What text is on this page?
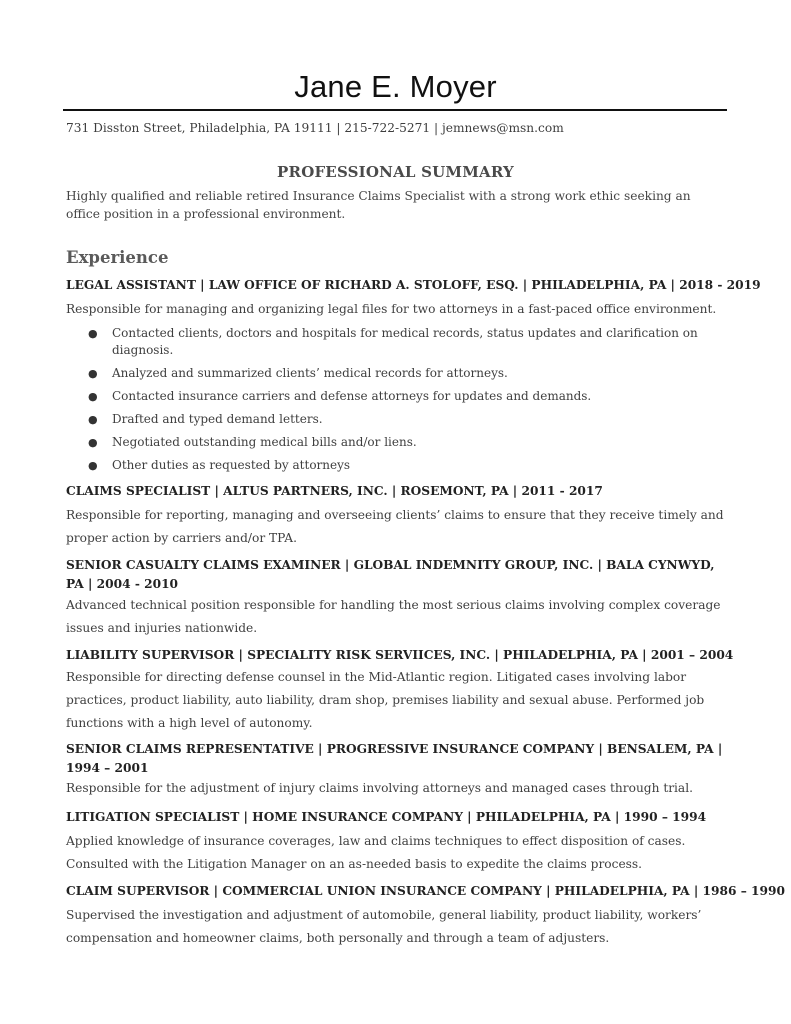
Jane E. Moyer
731 Disston Street, Philadelphia, PA 19111 | 215-722-5271 | jemnews@msn.com
PROFESSIONAL SUMMARY
Highly qualified and reliable retired Insurance Claims Specialist with a strong work ethic seeking an office position in a professional environment.
Experience
LEGAL ASSISTANT | LAW OFFICE OF RICHARD A. STOLOFF, ESQ. | PHILADELPHIA, PA | 2018 - 2019
Responsible for managing and organizing legal files for two attorneys in a fast-paced office environment.
● Contacted clients, doctors and hospitals for medical records, status updates and clarification on diagnosis.
● Analyzed and summarized clients’ medical records for attorneys.
● Contacted insurance carriers and defense attorneys for updates and demands.
● Drafted and typed demand letters.
● Negotiated outstanding medical bills and/or liens.
● Other duties as requested by attorneys
CLAIMS SPECIALIST | ALTUS PARTNERS, INC. | ROSEMONT, PA | 2011 - 2017
Responsible for reporting, managing and overseeing clients’ claims to ensure that they receive timely and proper action by carriers and/or TPA.
SENIOR CASUALTY CLAIMS EXAMINER | GLOBAL INDEMNITY GROUP, INC. | BALA CYNWYD, PA | 2004 - 2010
Advanced technical position responsible for handling the most serious claims involving complex coverage issues and injuries nationwide.
LIABILITY SUPERVISOR | SPECIALITY RISK SERVIICES, INC. | PHILADELPHIA, PA | 2001 – 2004
Responsible for directing defense counsel in the Mid-Atlantic region. Litigated cases involving labor practices, product liability, auto liability, dram shop, premises liability and sexual abuse. Performed job functions with a high level of autonomy.
SENIOR CLAIMS REPRESENTATIVE | PROGRESSIVE INSURANCE COMPANY | BENSALEM, PA | 1994 – 2001
Responsible for the adjustment of injury claims involving attorneys and managed cases through trial.
LITIGATION SPECIALIST | HOME INSURANCE COMPANY | PHILADELPHIA, PA | 1990 – 1994
Applied knowledge of insurance coverages, law and claims techniques to effect disposition of cases. Consulted with the Litigation Manager on an as-needed basis to expedite the claims process.
CLAIM SUPERVISOR | COMMERCIAL UNION INSURANCE COMPANY | PHILADELPHIA, PA | 1986 – 1990
Supervised the investigation and adjustment of automobile, general liability, product liability, workers’ compensation and homeowner claims, both personally and through a team of adjusters.
